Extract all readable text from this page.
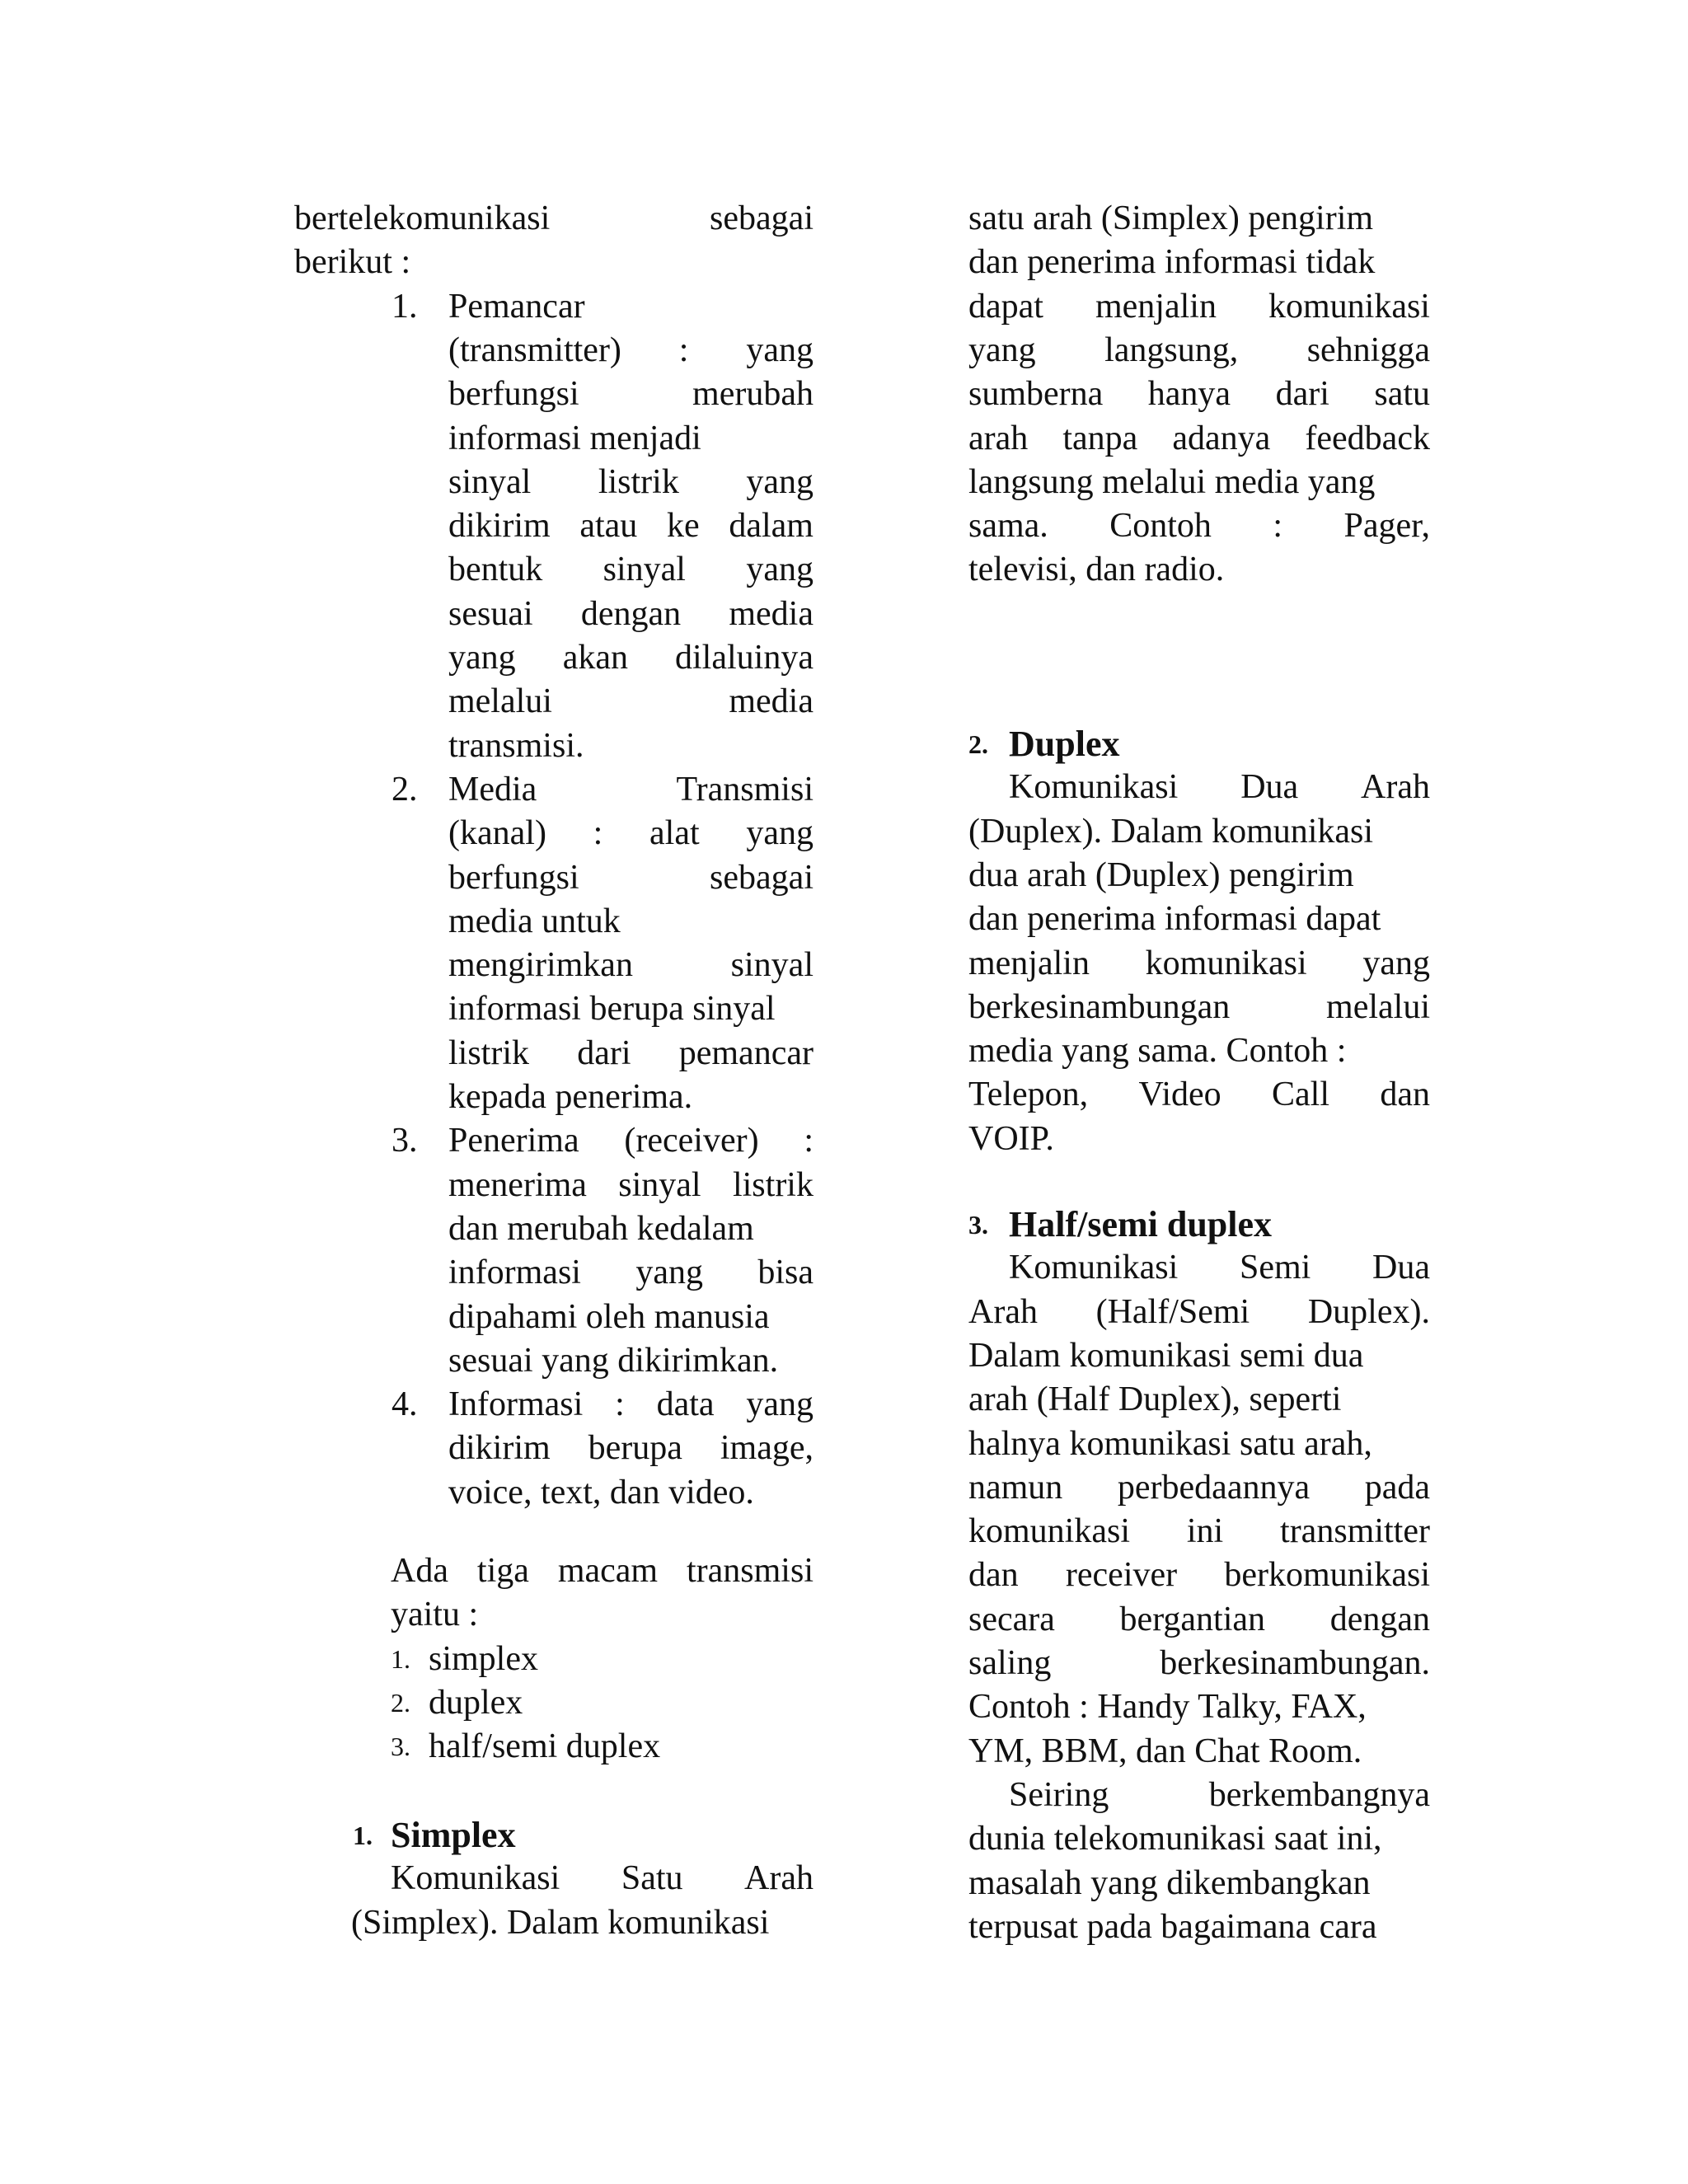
bertelekomunikasi	sebagai
berikut :
1. Pemancar
(transmitter) : yang
berfungsi	merubah
informasi menjadi
sinyal listrik yang
dikirim atau ke dalam
bentuk sinyal yang
sesuai dengan media
yang akan dilaluinya
melalui	media
transmisi.
2. Media	Transmisi
(kanal) : alat yang
berfungsi	sebagai
media untuk
mengirimkan	sinyal
informasi berupa sinyal
listrik dari pemancar
kepada penerima.
3. Penerima (receiver) :
menerima sinyal listrik
dan merubah kedalam
informasi yang bisa
dipahami oleh manusia
sesuai yang dikirimkan.
4. Informasi : data yang
dikirim berupa image,
voice, text, dan video.
Ada tiga macam transmisi
yaitu :
1. simplex
2. duplex
3. half/semi duplex
1. Simplex
Komunikasi Satu Arah
(Simplex). Dalam komunikasi
satu arah (Simplex) pengirim
dan penerima informasi tidak
dapat menjalin komunikasi
yang langsung, sehnigga
sumberna hanya dari satu
arah tanpa adanya feedback
langsung melalui media yang
sama. Contoh : Pager,
televisi, dan radio.
2. Duplex
Komunikasi Dua Arah
(Duplex). Dalam komunikasi
dua arah (Duplex) pengirim
dan penerima informasi dapat
menjalin komunikasi yang
berkesinambungan	melalui
media yang sama. Contoh :
Telepon, Video Call dan
VOIP.
3. Half/semi duplex
Komunikasi Semi Dua
Arah (Half/Semi Duplex).
Dalam komunikasi semi dua
arah (Half Duplex), seperti
halnya komunikasi satu arah,
namun perbedaannya pada
komunikasi ini transmitter
dan receiver berkomunikasi
secara bergantian dengan
saling	berkesinambungan.
Contoh : Handy Talky, FAX,
YM, BBM, dan Chat Room.
Seiring	berkembangnya
dunia telekomunikasi saat ini,
masalah yang dikembangkan
terpusat pada bagaimana cara
